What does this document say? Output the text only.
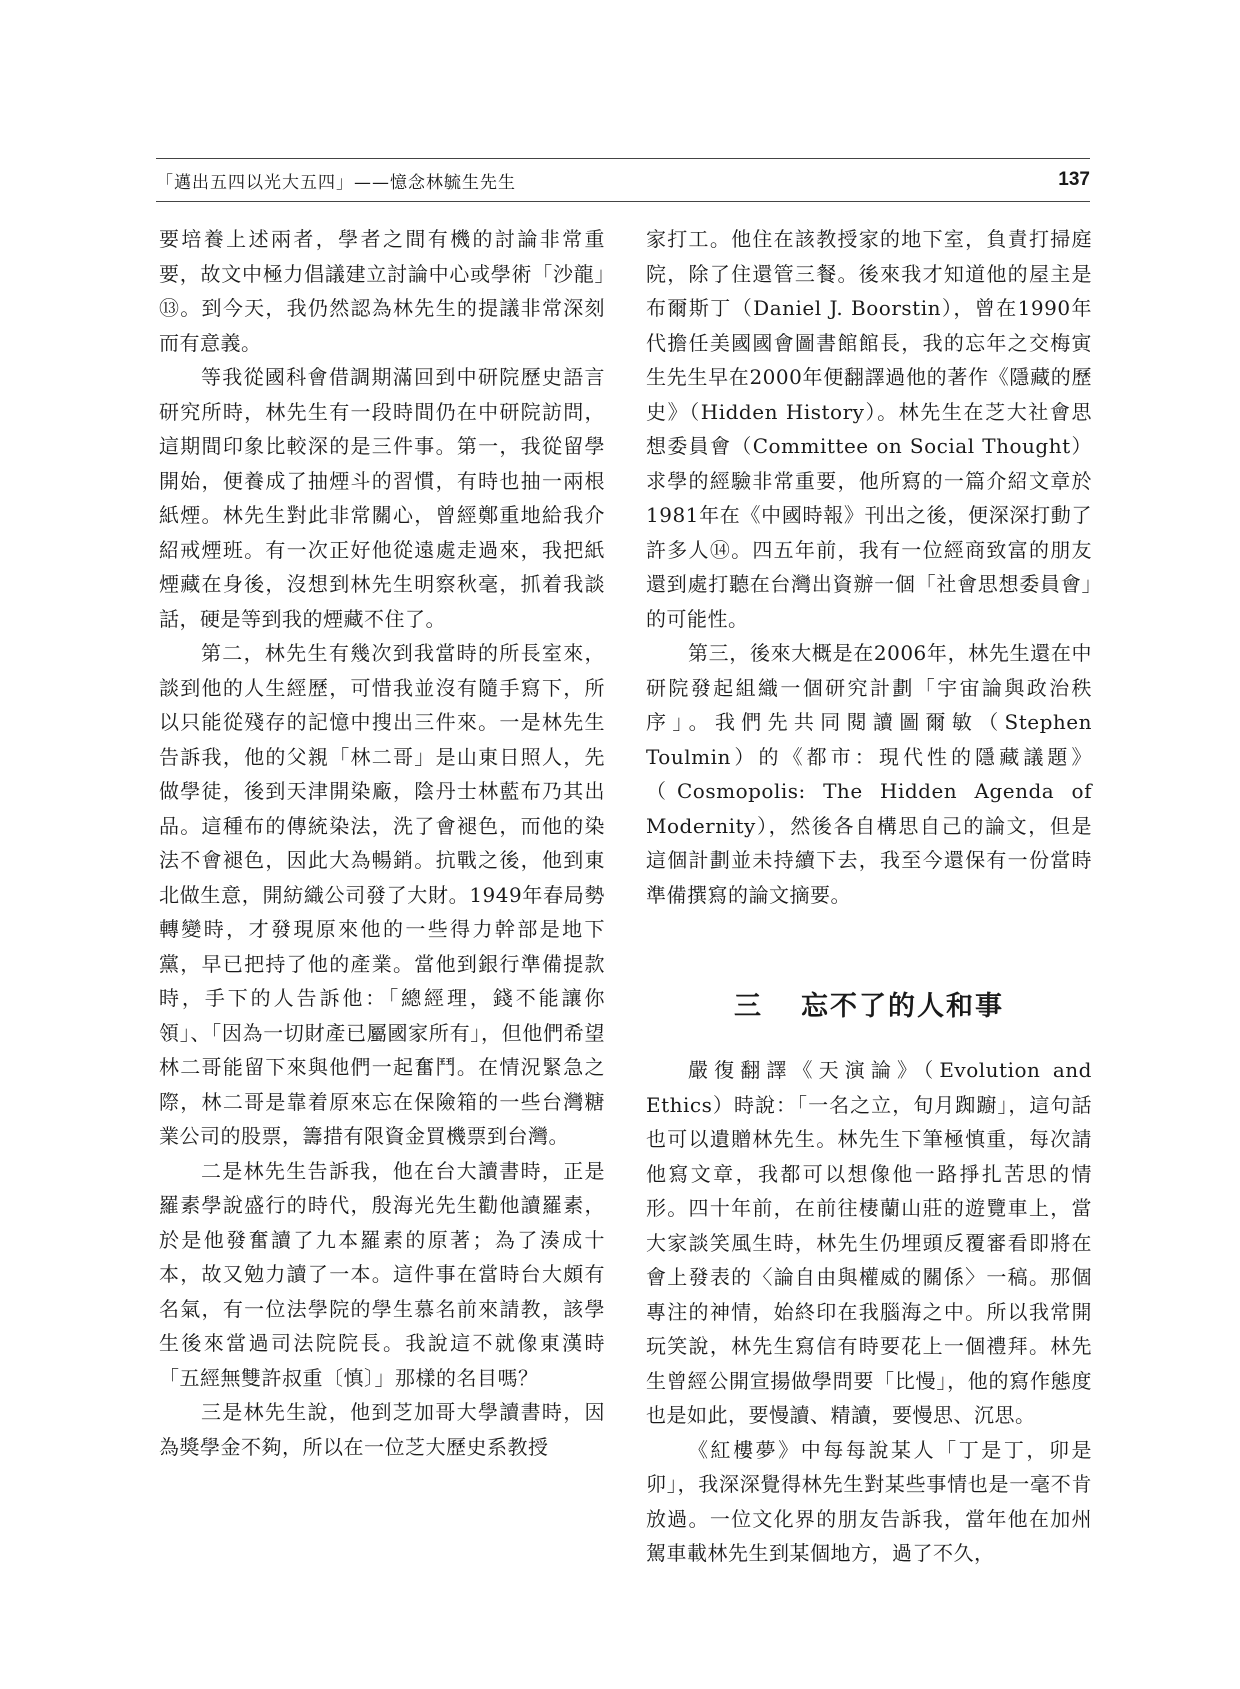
「邁出五四以光大五四」——憶念林毓生先生	137

要培養上述兩者，學者之間有機的討論非常重要，故文中極力倡議建立討論中心或學術「沙龍」⑬。到今天，我仍然認為林先生的提議非常深刻而有意義。

等我從國科會借調期滿回到中研院歷史語言研究所時，林先生有一段時間仍在中研院訪問，這期間印象比較深的是三件事。第一，我從留學開始，便養成了抽煙斗的習慣，有時也抽一兩根紙煙。林先生對此非常關心，曾經鄭重地給我介紹戒煙班。有一次正好他從遠處走過來，我把紙煙藏在身後，沒想到林先生明察秋毫，抓着我談話，硬是等到我的煙藏不住了。

第二，林先生有幾次到我當時的所長室來，談到他的人生經歷，可惜我並沒有隨手寫下，所以只能從殘存的記憶中搜出三件來。一是林先生告訴我，他的父親「林二哥」是山東日照人，先做學徒，後到天津開染廠，陰丹士林藍布乃其出品。這種布的傳統染法，洗了會褪色，而他的染法不會褪色，因此大為暢銷。抗戰之後，他到東北做生意，開紡織公司發了大財。1949年春局勢轉變時，才發現原來他的一些得力幹部是地下黨，早已把持了他的產業。當他到銀行準備提款時，手下的人告訴他：「總經理，錢不能讓你領」、「因為一切財產已屬國家所有」，但他們希望林二哥能留下來與他們一起奮鬥。在情況緊急之際，林二哥是靠着原來忘在保險箱的一些台灣糖業公司的股票，籌措有限資金買機票到台灣。

二是林先生告訴我，他在台大讀書時，正是羅素學說盛行的時代，殷海光先生勸他讀羅素，於是他發奮讀了九本羅素的原著；為了湊成十本，故又勉力讀了一本。這件事在當時台大頗有名氣，有一位法學院的學生慕名前來請教，該學生後來當過司法院院長。我說這不就像東漢時「五經無雙許叔重〔慎〕」那樣的名目嗎？

三是林先生說，他到芝加哥大學讀書時，因為獎學金不夠，所以在一位芝大歷史系教授

家打工。他住在該教授家的地下室，負責打掃庭院，除了住還管三餐。後來我才知道他的屋主是布爾斯丁（Daniel J. Boorstin），曾在1990年代擔任美國國會圖書館館長，我的忘年之交梅寅生先生早在2000年便翻譯過他的著作《隱藏的歷史》（Hidden History）。林先生在芝大社會思想委員會（Committee on Social Thought）求學的經驗非常重要，他所寫的一篇介紹文章於1981年在《中國時報》刊出之後，便深深打動了許多人⑭。四五年前，我有一位經商致富的朋友還到處打聽在台灣出資辦一個「社會思想委員會」的可能性。

第三，後來大概是在2006年，林先生還在中研院發起組織一個研究計劃「宇宙論與政治秩序」。我們先共同閱讀圖爾敏（Stephen Toulmin）的《都市：現代性的隱藏議題》（Cosmopolis: The Hidden Agenda of Modernity），然後各自構思自己的論文，但是這個計劃並未持續下去，我至今還保有一份當時準備撰寫的論文摘要。

三 忘不了的人和事

嚴復翻譯《天演論》（Evolution and Ethics）時說：「一名之立，旬月踟躕」，這句話也可以遺贈林先生。林先生下筆極慎重，每次請他寫文章，我都可以想像他一路掙扎苦思的情形。四十年前，在前往棲蘭山莊的遊覽車上，當大家談笑風生時，林先生仍埋頭反覆審看即將在會上發表的〈論自由與權威的關係〉一稿。那個專注的神情，始終印在我腦海之中。所以我常開玩笑說，林先生寫信有時要花上一個禮拜。林先生曾經公開宣揚做學問要「比慢」，他的寫作態度也是如此，要慢讀、精讀，要慢思、沉思。

《紅樓夢》中每每說某人「丁是丁，卯是卯」，我深深覺得林先生對某些事情也是一毫不肯放過。一位文化界的朋友告訴我，當年他在加州駕車載林先生到某個地方，過了不久，
